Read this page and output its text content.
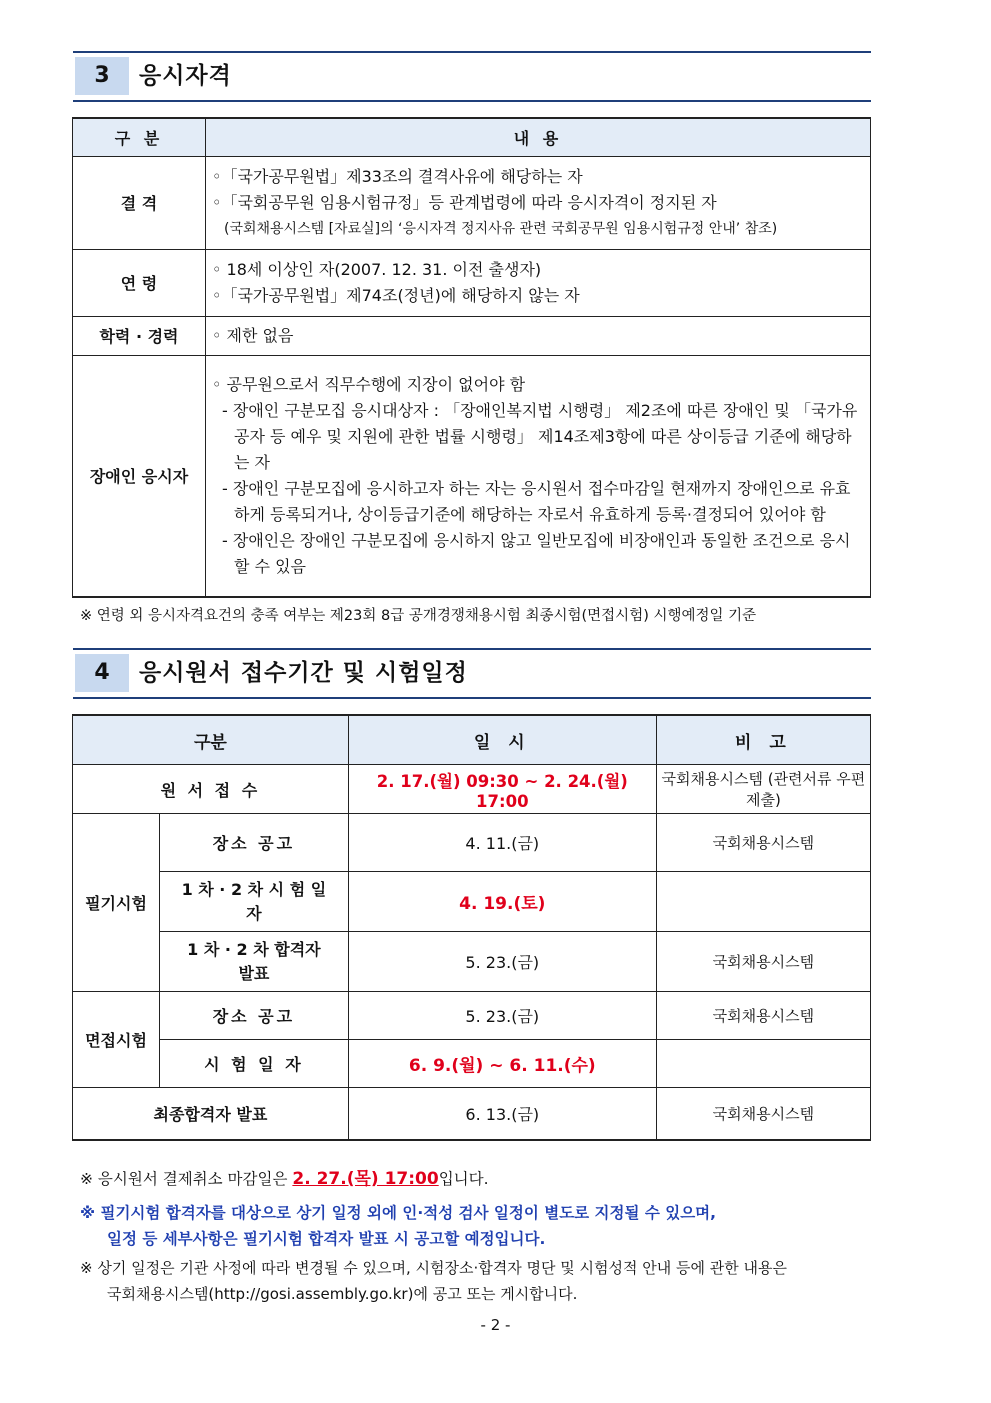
3	응시자격
구 분	내 용
결 격	◦「국가공무원법」제33조의 결격사유에 해당하는 자
◦「국회공무원 임용시험규정」등 관계법령에 따라 응시자격이 정지된 자
(국회채용시스템 [자료실]의 ‘응시자격 정지사유 관련 국회공무원 임용시험규정 안내’ 참조)

연 령	◦ 18세 이상인 자(2007. 12. 31. 이전 출생자)
◦「국가공무원법」제74조(정년)에 해당하지 않는 자

학력 · 경력	◦ 제한 없음

장애인 응시자	◦ 공무원으로서 직무수행에 지장이 없어야 함
- 장애인 구분모집 응시대상자 : 「장애인복지법 시행령」 제2조에 따른 장애인 및 「국가유공자 등 예우 및 지원에 관한 법률 시행령」 제14조제3항에 따른 상이등급 기준에 해당하는 자
- 장애인 구분모집에 응시하고자 하는 자는 응시원서 접수마감일 현재까지 장애인으로 유효하게 등록되거나, 상이등급기준에 해당하는 자로서 유효하게 등록·결정되어 있어야 함
- 장애인은 장애인 구분모집에 응시하지 않고 일반모집에 비장애인과 동일한 조건으로 응시할 수 있음
※ 연령 외 응시자격요건의 충족 여부는 제23회 8급 공개경쟁채용시험 최종시험(면접시험) 시행예정일 기준
4	응시원서 접수기간 및 시험일정
구분		일 시	비 고
원 서 접 수		2. 17.(월) 09:30 ~ 2. 24.(월) 17:00	국회채용시스템 (관련서류 우편제출)
필기시험	장소 공고	4. 11.(금)	국회채용시스템
	1 차 · 2 차 시 험 일 자	4. 19.(토)	
	1 차 · 2 차 합격자 발표	5. 23.(금)	국회채용시스템
면접시험	장소 공고	5. 23.(금)	국회채용시스템
	시 험 일 자	6. 9.(월) ~ 6. 11.(수)	
최종합격자 발표		6. 13.(금)	국회채용시스템
※ 응시원서 결제취소 마감일은 2. 27.(목) 17:00입니다.
※ 필기시험 합격자를 대상으로 상기 일정 외에 인·적성 검사 일정이 별도로 지정될 수 있으며,
일정 등 세부사항은 필기시험 합격자 발표 시 공고할 예정입니다.
※ 상기 일정은 기관 사정에 따라 변경될 수 있으며, 시험장소·합격자 명단 및 시험성적 안내 등에 관한 내용은
국회채용시스템(http://gosi.assembly.go.kr)에 공고 또는 게시합니다.
- 2 -
